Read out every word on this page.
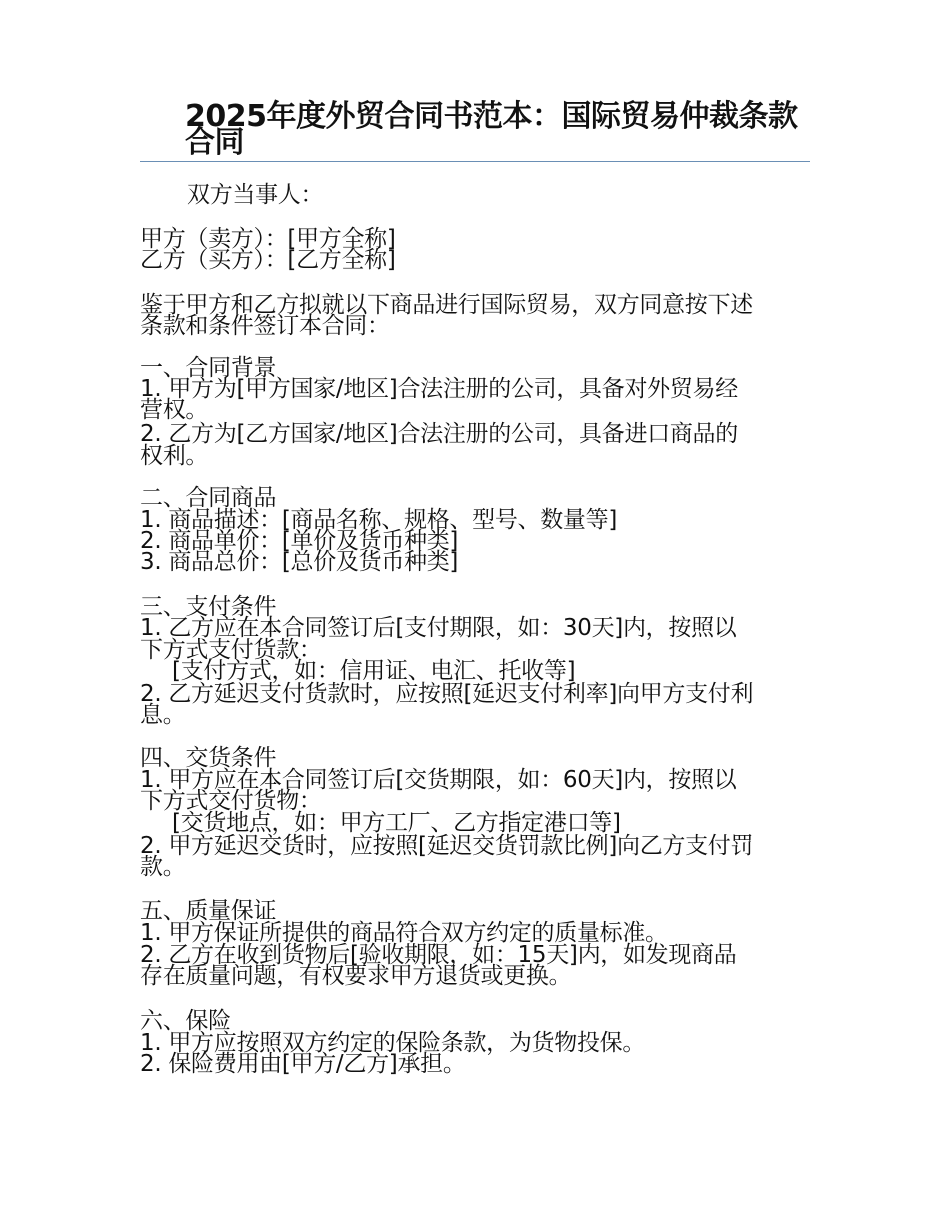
2025年度外贸合同书范本：国际贸易仲裁条款合同

双方当事人：

甲方（卖方）：[甲方全称]

乙方（买方）：[乙方全称]

鉴于甲方和乙方拟就以下商品进行国际贸易，双方同意按下述

条款和条件签订本合同：

一、合同背景

1. 甲方为[甲方国家/地区]合法注册的公司，具备对外贸易经

营权。

2. 乙方为[乙方国家/地区]合法注册的公司，具备进口商品的

权利。

二、合同商品

1. 商品描述：[商品名称、规格、型号、数量等]

2. 商品单价：[单价及货币种类]

3. 商品总价：[总价及货币种类]

三、支付条件

1. 乙方应在本合同签订后[支付期限，如：30天]内，按照以

下方式支付货款：

[支付方式，如：信用证、电汇、托收等]

2. 乙方延迟支付货款时，应按照[延迟支付利率]向甲方支付利

息。

四、交货条件

1. 甲方应在本合同签订后[交货期限，如：60天]内，按照以

下方式交付货物：

[交货地点，如：甲方工厂、乙方指定港口等]

2. 甲方延迟交货时，应按照[延迟交货罚款比例]向乙方支付罚

款。

五、质量保证

1. 甲方保证所提供的商品符合双方约定的质量标准。

2. 乙方在收到货物后[验收期限，如：15天]内，如发现商品

存在质量问题，有权要求甲方退货或更换。

六、保险

1. 甲方应按照双方约定的保险条款，为货物投保。

2. 保险费用由[甲方/乙方]承担。
